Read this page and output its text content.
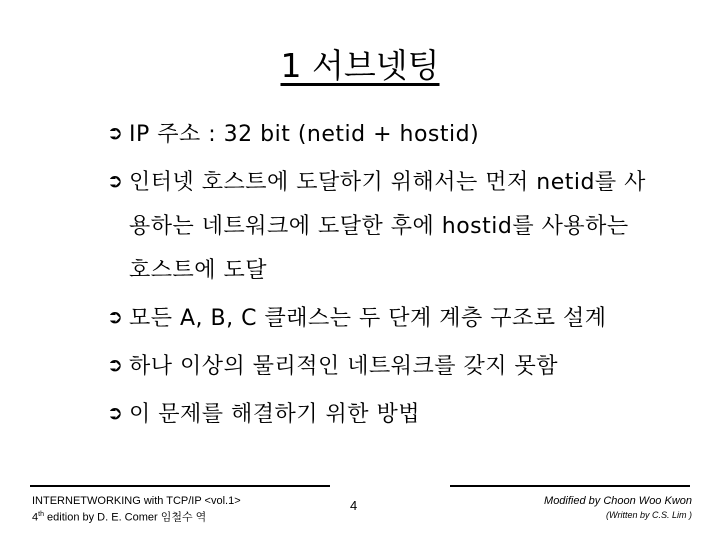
1 서브넷팅
➲ IP 주소 : 32 bit (netid + hostid)
➲ 인터넷 호스트에 도달하기 위해서는 먼저 netid를 사
용하는 네트워크에 도달한 후에 hostid를 사용하는
호스트에 도달
➲ 모든 A, B, C 클래스는 두 단계 계층 구조로 설계
➲ 하나 이상의 물리적인 네트워크를 갖지 못함
➲ 이 문제를 해결하기 위한 방법
INTERNETWORKING with TCP/IP <vol.1>
4th edition by D. E. Comer 임철수 역
4	Modified by Choon Woo Kwon
(Written by C.S. Lim )
